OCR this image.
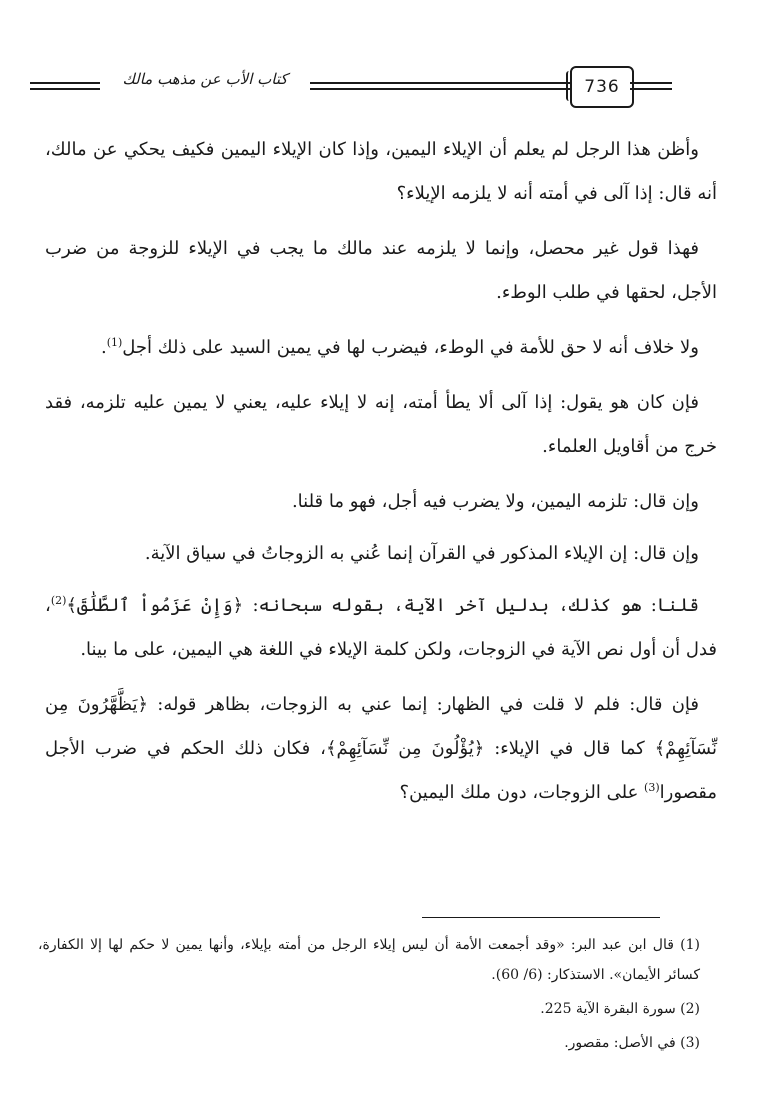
كتاب الأب عن مذهب مالك	736

وأظن هذا الرجل لم يعلم أن الإيلاء اليمين، وإذا كان الإيلاء اليمين فكيف يحكي عن مالك، أنه قال: إذا آلى في أمته أنه لا يلزمه الإيلاء؟

فهذا قول غير محصل، وإنما لا يلزمه عند مالك ما يجب في الإيلاء للزوجة من ضرب الأجل، لحقها في طلب الوطء.

ولا خلاف أنه لا حق للأمة في الوطء، فيضرب لها في يمين السيد على ذلك أجل$^{(1)}$.

فإن كان هو يقول: إذا آلى ألا يطأ أمته، إنه لا إيلاء عليه، يعني لا يمين عليه تلزمه، فقد خرج من أقاويل العلماء.

وإن قال: تلزمه اليمين، ولا يضرب فيه أجل، فهو ما قلنا.

وإن قال: إن الإيلاء المذكور في القرآن إنما عُني به الزوجاتُ في سياق الآية.

قلنا: هو كذلك، بدليل آخر الآية، بقوله سبحانه: ﴿وَإِنْ عَزَمُواْ ٱلطَّلَٰقَ﴾$^{(2)}$، فدل أن أول نص الآية في الزوجات، ولكن كلمة الإيلاء في اللغة هي اليمين، على ما بينا.

فإن قال: فلم لا قلت في الظهار: إنما عني به الزوجات، بظاهر قوله: ﴿يَظَّهَّرُونَ مِن نِّسَآئِهِمْ﴾ كما قال في الإيلاء: ﴿يُؤْلُونَ مِن نِّسَآئِهِمْ﴾، فكان ذلك الحكم في ضرب الأجل مقصورا$^{(3)}$ على الزوجات، دون ملك اليمين؟

(1) قال ابن عبد البر: «وقد أجمعت الأمة أن ليس إيلاء الرجل من أمته بإيلاء، وأنها يمين لا حكم لها إلا الكفارة، كسائر الأيمان». الاستذكار: (6/ 60).

(2) سورة البقرة الآية 225.

(3) في الأصل: مقصور.
